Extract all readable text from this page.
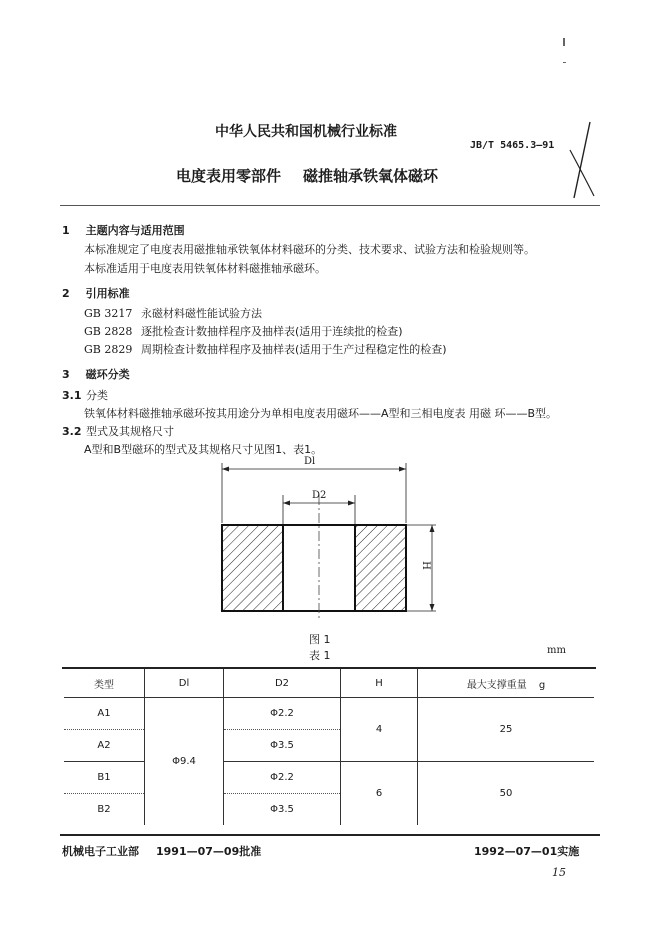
中华人民共和国机械行业标准
JB/T 5465.3—91
电度表用零部件 磁推轴承铁氧体磁环
1 主题内容与适用范围
本标准规定了电度表用磁推轴承铁氧体材料磁环的分类、技术要求、试验方法和检验规则等。
本标准适用于电度表用铁氧体材料磁推轴承磁环。
2 引用标准
GB 3217 永磁材料磁性能试验方法
GB 2828 逐批检查计数抽样程序及抽样表(适用于连续批的检查)
GB 2829 周期检查计数抽样程序及抽样表(适用于生产过程稳定性的检查)
3 磁环分类
3.1 分类
铁氧体材料磁推轴承磁环按其用途分为单相电度表用磁环——A型和三相电度表 用磁 环——B型。
3.2 型式及其规格尺寸
A型和B型磁环的型式及其规格尺寸见图1、表1。
Dl
D2
H
图 1
表 1	mm
类型	Dl	D2	H	最大支撑重量 g
A1	Φ9.4	Φ2.2	4	25
A2		Φ3.5		
B1		Φ2.2	6	50
B2		Φ3.5		
机械电子工业部 1991—07—09批准	1992—07—01实施
15
